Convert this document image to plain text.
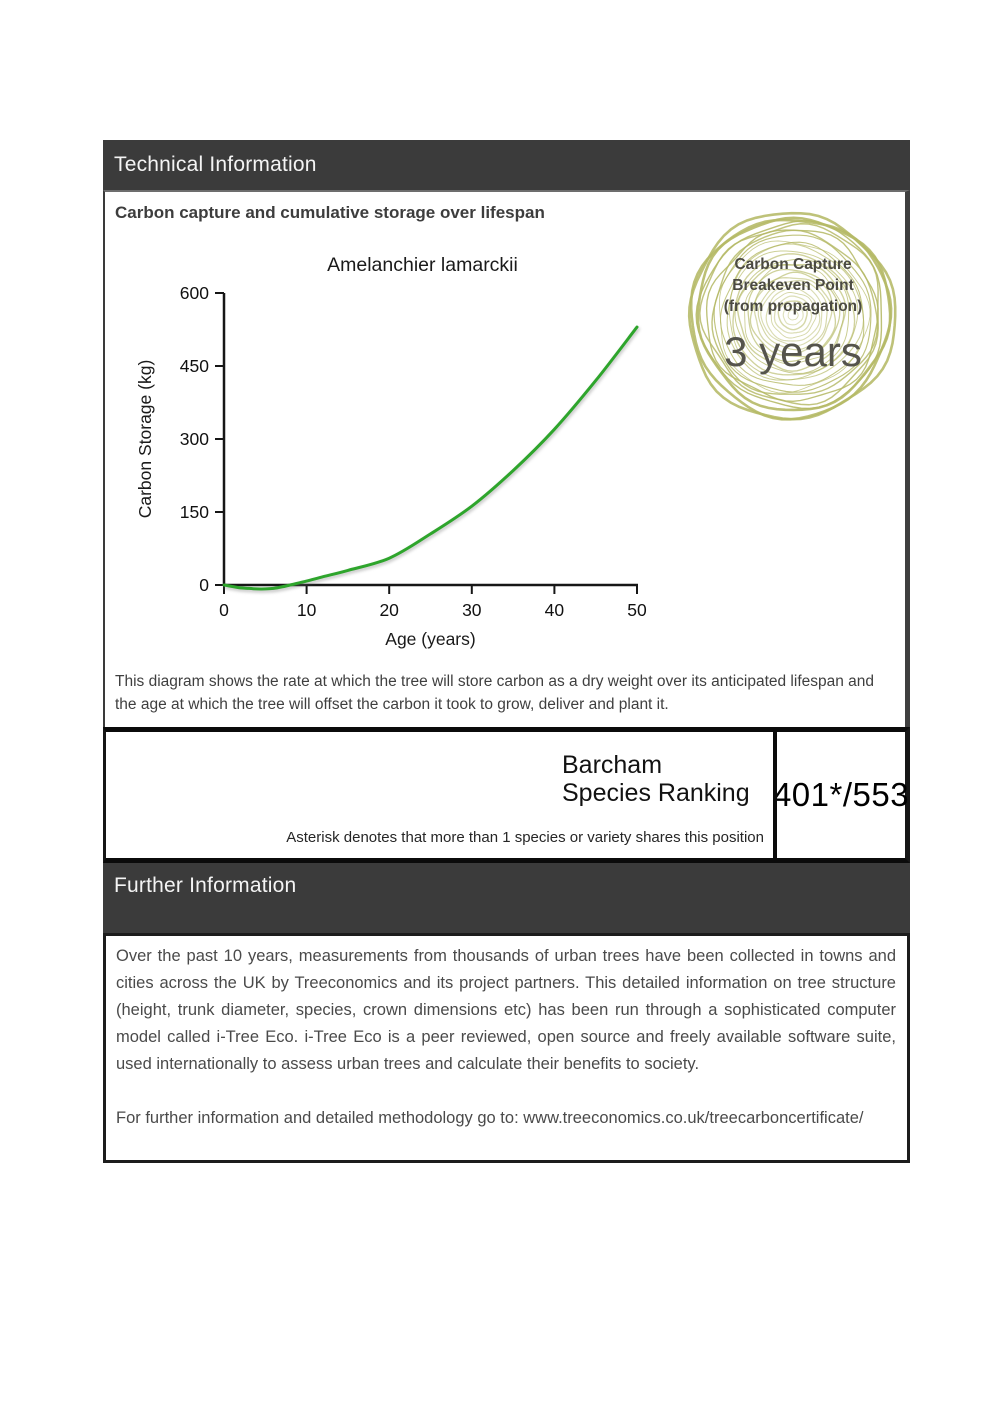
Technical Information
Carbon capture and cumulative storage over lifespan
0
150
300
450
600
0	10	20	30	40	50
Amelanchier lamarckii
Age (years)
Carbon Storage (kg)
Carbon Capture
Breakeven Point
(from propagation)
3 years
This diagram shows the rate at which the tree will store carbon as a dry weight over its anticipated lifespan and the age at which the tree will offset the carbon it took to grow, deliver and plant it.
Barcham
Species Ranking
Asterisk denotes that more than 1 species or variety shares this position
401*/553
Further Information

Over the past 10 years, measurements from thousands of urban trees have been collected in towns and cities across the UK by Treeconomics and its project partners. This detailed information on tree structure (height, trunk diameter, species, crown dimensions etc) has been run through a sophisticated computer model called i-Tree Eco. i-Tree Eco is a peer reviewed, open source and freely available software suite, used internationally to assess urban trees and calculate their benefits to society.

For further information and detailed methodology go to: www.treeconomics.co.uk/treecarboncertificate/
